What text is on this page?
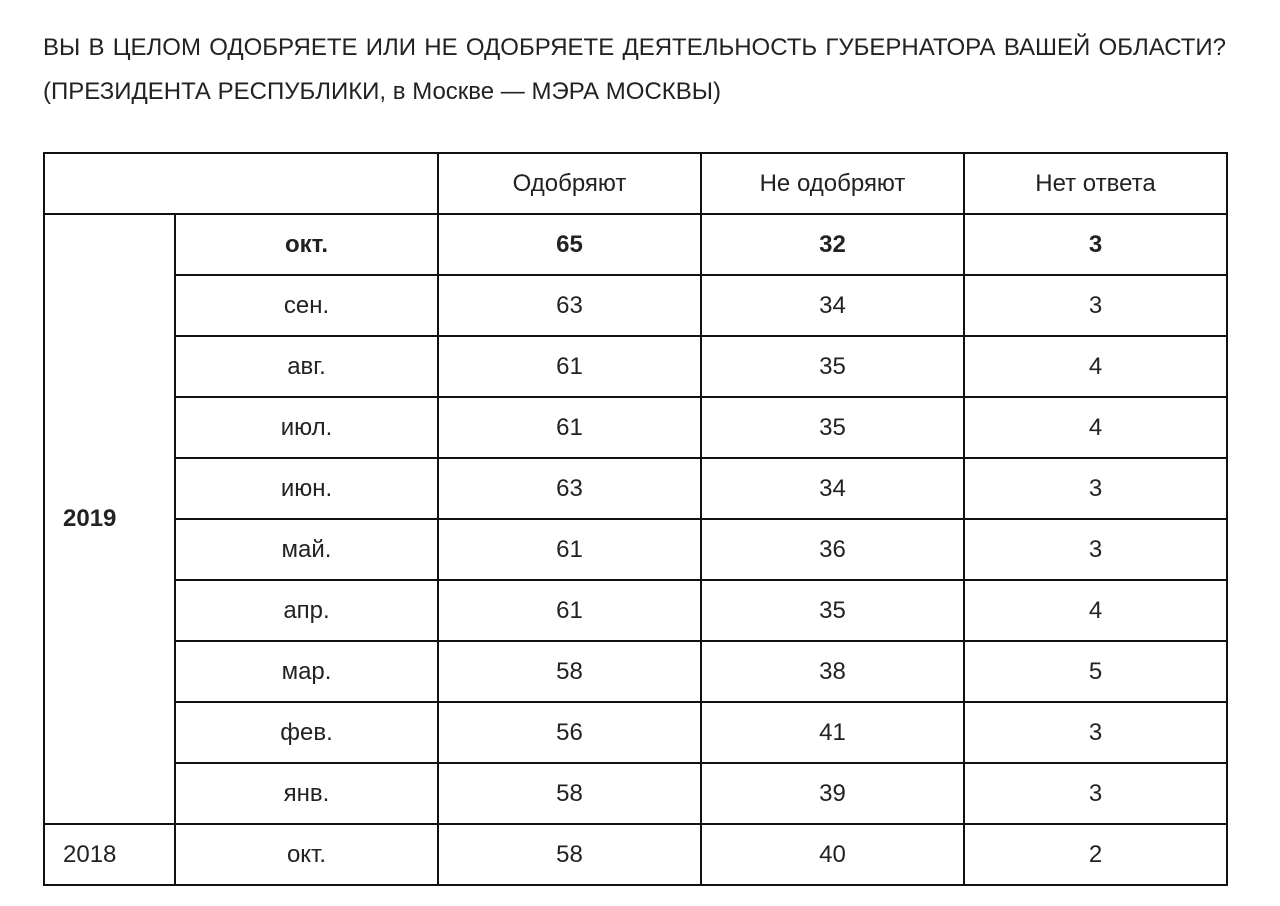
ВЫ В ЦЕЛОМ ОДОБРЯЕТЕ ИЛИ НЕ ОДОБРЯЕТЕ ДЕЯТЕЛЬНОСТЬ ГУБЕРНАТОРА ВАШЕЙ ОБЛАСТИ? (ПРЕЗИДЕНТА РЕСПУБЛИКИ, в Москве — МЭРА МОСКВЫ)
		Одобряют	Не одобряют	Нет ответа
2019	окт.	65	32	3
	сен.	63	34	3
	авг.	61	35	4
	июл.	61	35	4
	июн.	63	34	3
	май.	61	36	3
	апр.	61	35	4
	мар.	58	38	5
	фев.	56	41	3
	янв.	58	39	3
2018	окт.	58	40	2
